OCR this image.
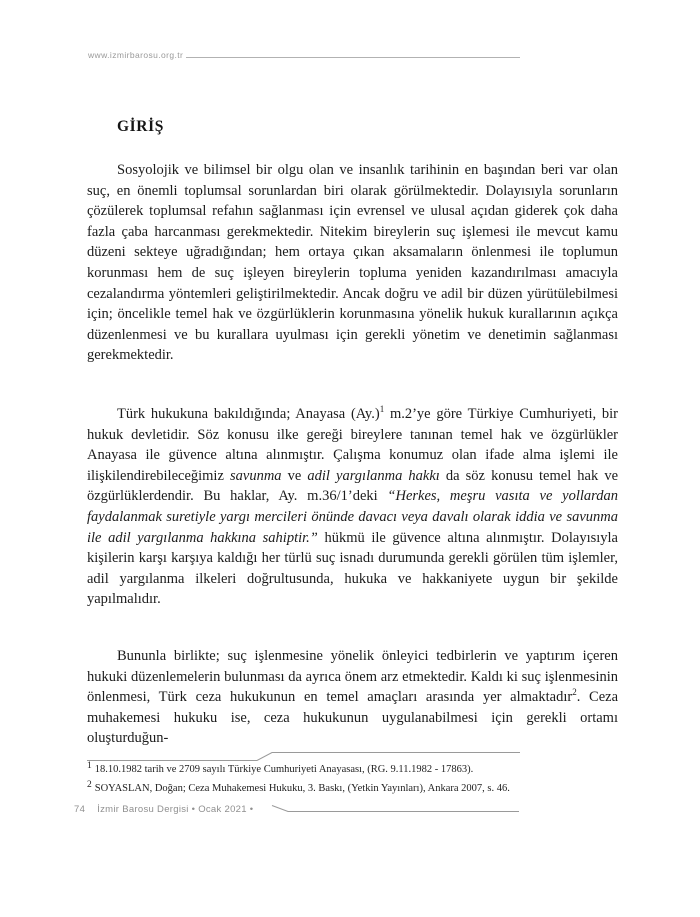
www.izmirbarosu.org.tr
GİRİŞ
Sosyolojik ve bilimsel bir olgu olan ve insanlık tarihinin en başından beri var olan suç, en önemli toplumsal sorunlardan biri olarak görülmektedir. Dolayısıyla sorunların çözülerek toplumsal refahın sağlanması için evrensel ve ulusal açıdan giderek çok daha fazla çaba harcanması gerekmektedir. Nitekim bireylerin suç işlemesi ile mevcut kamu düzeni sekteye uğradığından; hem ortaya çıkan aksamaların önlenmesi ile toplumun korunması hem de suç işleyen bireylerin topluma yeniden kazandırılması amacıyla cezalandırma yöntemleri geliştirilmektedir. Ancak doğru ve adil bir düzen yürütülebilmesi için; öncelikle temel hak ve özgürlüklerin korunmasına yönelik hukuk kurallarının açıkça düzenlenmesi ve bu kurallara uyulması için gerekli yönetim ve denetimin sağlanması gerekmektedir.
Türk hukukuna bakıldığında; Anayasa $(Ay.)^1$ m.2’ye göre Türkiye Cumhuriyeti, bir hukuk devletidir. Söz konusu ilke gereği bireylere tanınan temel hak ve özgürlükler Anayasa ile güvence altına alınmıştır. Çalışma konumuz olan ifade alma işlemi ile ilişkilendirebileceğimiz savunma ve adil yargılanma hakkı da söz konusu temel hak ve özgürlüklerdendir. Bu haklar, Ay. m.36/1’deki “Herkes, meşru vasıta ve yollardan faydalanmak suretiyle yargı mercileri önünde davacı veya davalı olarak iddia ve savunma ile adil yargılanma hakkına sahiptir.” hükmü ile güvence altına alınmıştır. Dolayısıyla kişilerin karşı karşıya kaldığı her türlü suç isnadı durumunda gerekli görülen tüm işlemler, adil yargılanma ilkeleri doğrultusunda, hukuka ve hakkaniyete uygun bir şekilde yapılmalıdır.
Bununla birlikte; suç işlenmesine yönelik önleyici tedbirlerin ve yaptırım içeren hukuki düzenlemelerin bulunması da ayrıca önem arz etmektedir. Kaldı ki suç işlenmesinin önlenmesi, Türk ceza hukukunun en temel amaçları arasında yer almaktadır$^2$. Ceza muhakemesi hukuku ise, ceza hukukunun uygulanabilmesi için gerekli ortamı oluşturduğun-
1 18.10.1982 tarih ve 2709 sayılı Türkiye Cumhuriyeti Anayasası, (RG. 9.11.1982 - 17863).
2 SOYASLAN, Doğan; Ceza Muhakemesi Hukuku, 3. Baskı, (Yetkin Yayınları), Ankara 2007, s. 46.
74 İzmir Barosu Dergisi • Ocak 2021 •
